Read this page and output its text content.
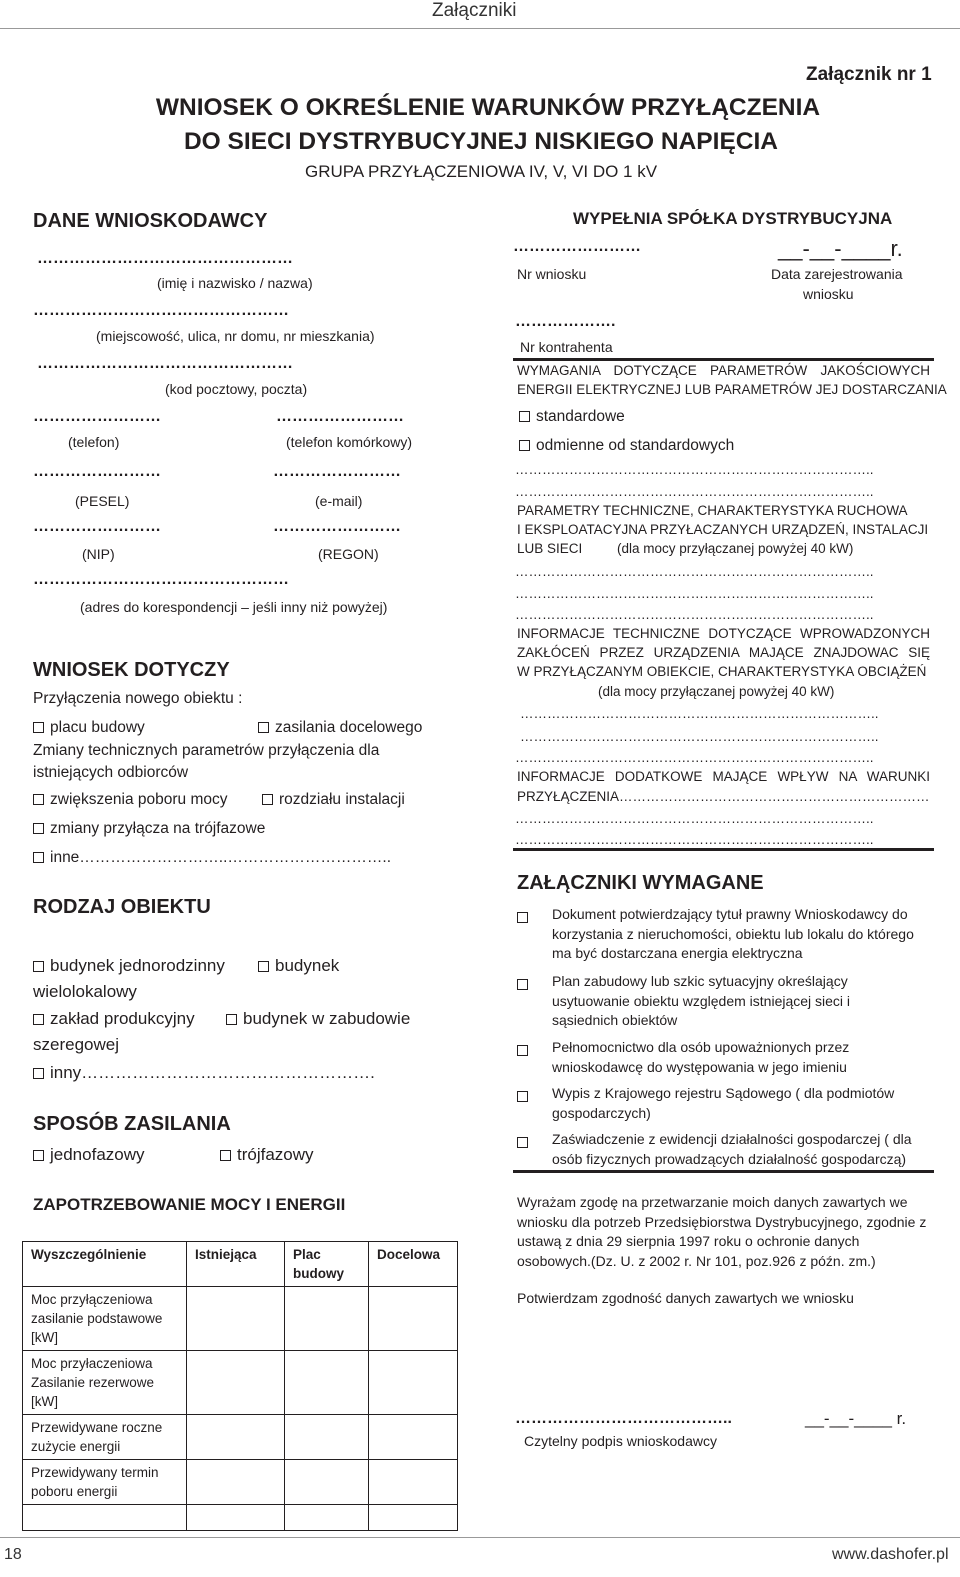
Załączniki
Załącznik nr 1
WNIOSEK O OKREŚLENIE WARUNKÓW PRZYŁĄCZENIA
DO SIECI DYSTRYBUCYJNEJ NISKIEGO NAPIĘCIA
GRUPA PRZYŁĄCZENIOWA IV, V, VI DO 1 kV
DANE WNIOSKODAWCY
…………………………………………
(imię i nazwisko / nazwa)
…………………………………………
(miejscowość, ulica, nr domu, nr mieszkania)
…………………………………………
(kod pocztowy, poczta)
……………………	……………………
(telefon)	(telefon komórkowy)
……………………	……………………
(PESEL)	(e-mail)
……………………	……………………
(NIP)	(REGON)
…………………………………………
(adres do korespondencji – jeśli inny niż powyżej)
WNIOSEK DOTYCZY
Przyłączenia nowego obiektu :
placu budowy	zasilania docelowego
Zmiany technicznych parametrów przyłączenia dla
istniejących odbiorców
zwiększenia poboru mocy	rozdziału instalacji
zmiany przyłącza na trójfazowe
inne………………………..…………………………..
RODZAJ OBIEKTU
budynek jednorodzinny	budynek
wielolokalowy
zakład produkcyjny	budynek w zabudowie
szeregowej
inny…………………………………………….
SPOSÓB ZASILANIA
jednofazowy	trójfazowy
ZAPOTRZEBOWANIE MOCY I ENERGII
Wyszczególnienie	Istniejąca	Plac budowy	Docelowa
Moc przyłączeniowa zasilanie podstawowe [kW]			
Moc przyłaczeniowa Zasilanie rezerwowe [kW]			
Przewidywane roczne zużycie energii			
Przewidywany termin poboru energii			

WYPEŁNIA SPÓŁKA DYSTRYBUCYJNA
……………………	__-__-____r.
Nr wniosku	Data zarejestrowania
wniosku
……………….
Nr kontrahenta
WYMAGANIA DOTYCZĄCE PARAMETRÓW JAKOŚCIOWYCH
ENERGII ELEKTRYCZNEJ LUB PARAMETRÓW JEJ DOSTARCZANIA
standardowe
odmienne od standardowych
……………………………………………………………………..
……………………………………………………………………..
PARAMETRY TECHNICZNE, CHARAKTERYSTYKA RUCHOWA
I EKSPLOATACYJNA PRZYŁACZANYCH URZĄDZEŃ, INSTALACJI
LUB SIECI	(dla mocy przyłączanej powyżej 40 kW)
……………………………………………………………………..
……………………………………………………………………..
……………………………………………………………………..
INFORMACJE TECHNICZNE DOTYCZĄCE WPROWADZONYCH
ZAKŁÓCEŃ PRZEZ URZĄDZENIA MAJĄCE ZNAJDOWAC SIĘ
W PRZYŁĄCZANYM OBIEKCIE, CHARAKTERYSTYKA OBCIĄŻEŃ
(dla mocy przyłączanej powyżej 40 kW)
……………………………………………………………………..
……………………………………………………………………..
……………………………………………………………………..
INFORMACJE DODATKOWE MAJĄCE WPŁYW NA WARUNKI
PRZYŁĄCZENIA……………………………………………………………
……………………………………………………………………..
……………………………………………………………………..
ZAŁĄCZNIKI WYMAGANE
Dokument potwierdzający tytuł prawny Wnioskodawcy do korzystania z nieruchomości, obiektu lub lokalu do którego ma być dostarczana energia elektryczna
Plan zabudowy lub szkic sytuacyjny określający usytuowanie obiektu względem istniejącej sieci i sąsiednich obiektów
Pełnomocnictwo dla osób upoważnionych przez wnioskodawcę do występowania w jego imieniu
Wypis z Krajowego rejestru Sądowego ( dla podmiotów gospodarczych)
Zaświadczenie z ewidencji działalności gospodarczej ( dla osób fizycznych prowadzących działalność gospodarczą)
Wyrażam zgodę na przetwarzanie moich danych zawartych we wniosku dla potrzeb Przedsiębiorstwa Dystrybucyjnego, zgodnie z ustawą z dnia 29 sierpnia 1997 roku o ochronie danych osobowych.(Dz. U. z 2002 r. Nr 101, poz.926 z późn. zm.)
Potwierdzam zgodność danych zawartych we wniosku
…………………………………..	__-__-____ r.
Czytelny podpis wnioskodawcy
18	www.dashofer.pl
